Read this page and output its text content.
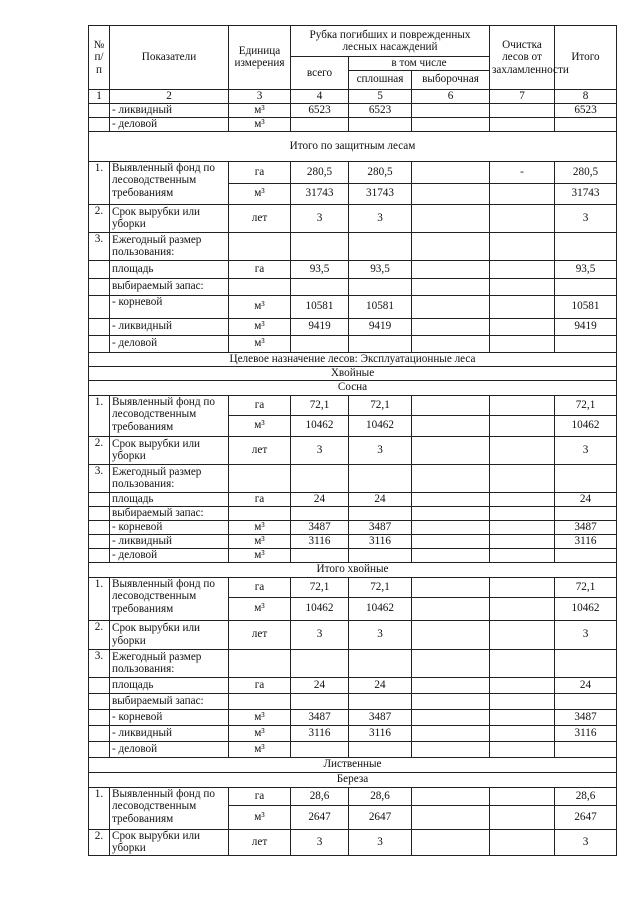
№ п/ п	Показатели	Единица измерения	Рубка погибших и поврежденных лесных насаждений			Очистка лесов от захламленности	Итого
			всего	в том числе			
				сплошная	выборочная		
1	2	3	4	5	6	7	8
	- ликвидный	м³	6523	6523			6523
	- деловой	м³					
Итого по защитным лесам							
1.	Выявленный фонд по лесоводственным требованиям	га	280,5	280,5		-	280,5
		м³	31743	31743			31743
2.	Срок вырубки или уборки	лет	3	3			3
3.	Ежегодный размер пользования:						
	площадь	га	93,5	93,5			93,5
	выбираемый запас:						
	- корневой	м³	10581	10581			10581
	- ликвидный	м³	9419	9419			9419
	- деловой	м³					
Целевое назначение лесов: Эксплуатационные леса							
Хвойные							
Сосна							
1.	Выявленный фонд по лесоводственным требованиям	га	72,1	72,1			72,1
		м³	10462	10462			10462
2.	Срок вырубки или уборки	лет	3	3			3
3.	Ежегодный размер пользования:						
	площадь	га	24	24			24
	выбираемый запас:						
	- корневой	м³	3487	3487			3487
	- ликвидный	м³	3116	3116			3116
	- деловой	м³					
Итого хвойные							
1.	Выявленный фонд по лесоводственным требованиям	га	72,1	72,1			72,1
		м³	10462	10462			10462
2.	Срок вырубки или уборки	лет	3	3			3
3.	Ежегодный размер пользования:						
	площадь	га	24	24			24
	выбираемый запас:						
	- корневой	м³	3487	3487			3487
	- ликвидный	м³	3116	3116			3116
	- деловой	м³					
Лиственные							
Береза							
1.	Выявленный фонд по лесоводственным требованиям	га	28,6	28,6			28,6
		м³	2647	2647			2647
2.	Срок вырубки или уборки	лет	3	3			3
